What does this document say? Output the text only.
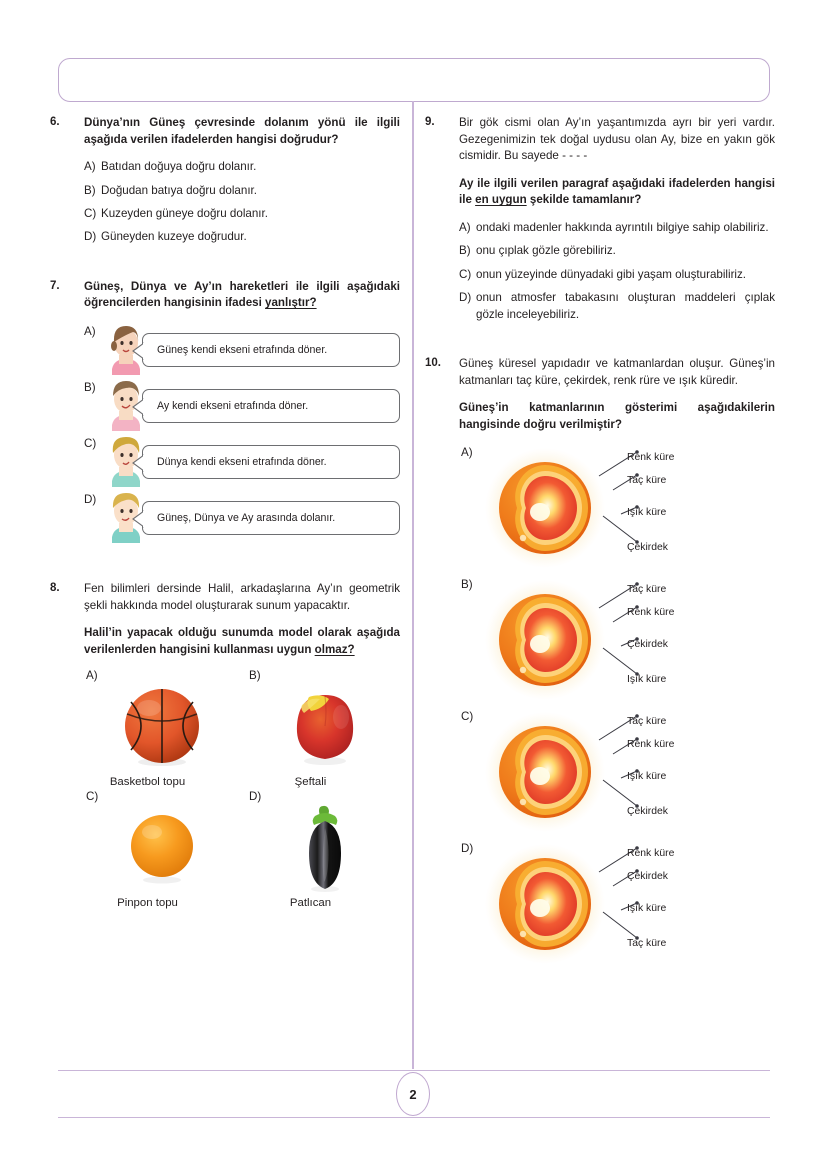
6.	Dünya’nın Güneş çevresinde dolanım yönü ile ilgili aşağıda verilen ifadelerden hangisi doğrudur?

A) Batıdan doğuya doğru dolanır.
B) Doğudan batıya doğru dolanır.
C) Kuzeyden güneye doğru dolanır.
D) Güneyden kuzeye doğrudur.
7.	Güneş, Dünya ve Ay’ın hareketleri ile ilgili aşağıdaki öğrencilerden hangisinin ifadesi yanlıştır?

A)
Güneş kendi ekseni etrafında döner.
B)
Ay kendi ekseni etrafında döner.
C)
Dünya kendi ekseni etrafında döner.
D)
Güneş, Dünya ve Ay arasında dolanır.
8.	Fen bilimleri dersinde Halil, arkadaşlarına Ay’ın geometrik şekli hakkında model oluşturarak sunum yapacaktır.

Halil’in yapacak olduğu sunumda model olarak aşağıda verilenlerden hangisini kullanması uygun olmaz?

A)
Basketbol topu
B)
Şeftali
C)
Pinpon topu
D)
Patlıcan
9.	Bir gök cismi olan Ay’ın yaşantımızda ayrı bir yeri vardır. Gezegenimizin tek doğal uydusu olan Ay, bize en yakın gök cismidir. Bu sayede - - - -

Ay ile ilgili verilen paragraf aşağıdaki ifadelerden hangisi ile en uygun şekilde tamamlanır?

A) ondaki madenler hakkında ayrıntılı bilgiye sahip olabiliriz.
B) onu çıplak gözle görebiliriz.
C) onun yüzeyinde dünyadaki gibi yaşam oluşturabiliriz.
D) onun atmosfer tabakasını oluşturan maddeleri çıplak gözle inceleyebiliriz.
10.	Güneş küresel yapıdadır ve katmanlardan oluşur. Güneş’in katmanları taç küre, çekirdek, renk rüre ve ışık küredir.

Güneş’in katmanlarının gösterimi aşağıdakilerin hangisinde doğru verilmiştir?

A)	Renk küre
Taç küre
Işık küre
Çekirdek
B)	Taç küre
Renk küre
Çekirdek
Işık küre
C)	Taç küre
Renk küre
Işık küre
Çekirdek
D)	Renk küre
Çekirdek
Işık küre
Taç küre
2
